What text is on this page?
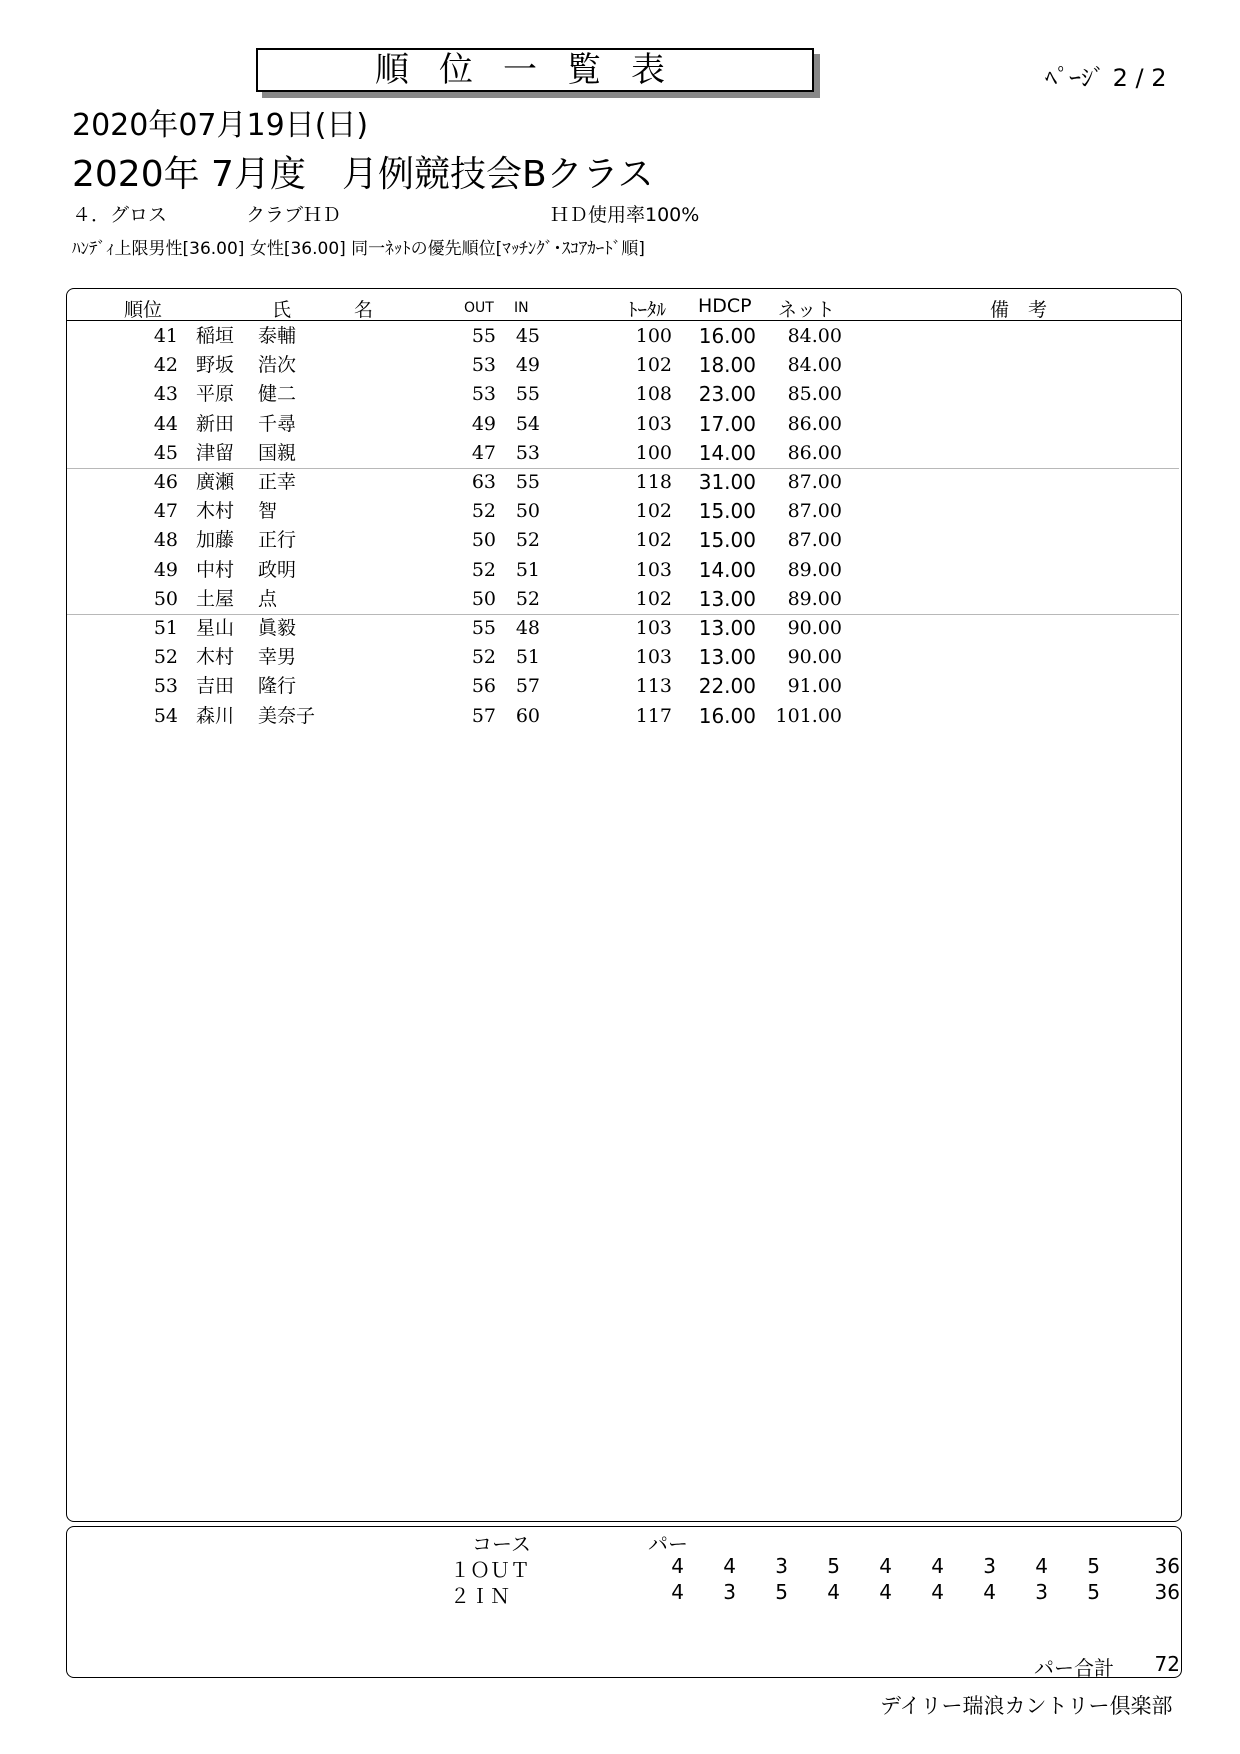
順位一覧表	ﾍﾟｰｼﾞ 2 / 2
2020年07月19日(日)
2020年 7月度　月例競技会Bクラス
４．グロス	クラブＨＤ	ＨＤ使用率100%
ﾊﾝﾃﾞｨ上限男性[36.00] 女性[36.00] 同一ﾈｯﾄの優先順位[ﾏｯﾁﾝｸﾞ･ｽｺｱｶｰﾄﾞ順]
順位	氏	名	OUT IN	ﾄｰﾀﾙ HDCP ネット	備　考
41 稲垣 泰輔	55	45	100	16.00	84.00
42 野坂 浩次	53	49	102	18.00	84.00
43 平原 健二	53	55	108	23.00	85.00
44 新田 千尋	49	54	103	17.00	86.00
45 津留 国親	47	53	100	14.00	86.00
46 廣瀬 正幸	63	55	118	31.00	87.00
47 木村 智	52	50	102	15.00	87.00
48 加藤 正行	50	52	102	15.00	87.00
49 中村 政明	52	51	103	14.00	89.00
50 土屋 点	50	52	102	13.00	89.00
51 星山 眞毅	55	48	103	13.00	90.00
52 木村 幸男	52	51	103	13.00	90.00
53 吉田 隆行	56	57	113	22.00	91.00
54 森川 美奈子	57	60	117	16.00 101.00
コース	パー
１ＯＵＴ	4	4	3	5	4	4	3	4	5	36
２ＩＮ	4	3	5	4	4	4	4	3	5	36
パー合計 72
デイリー瑞浪カントリー倶楽部
